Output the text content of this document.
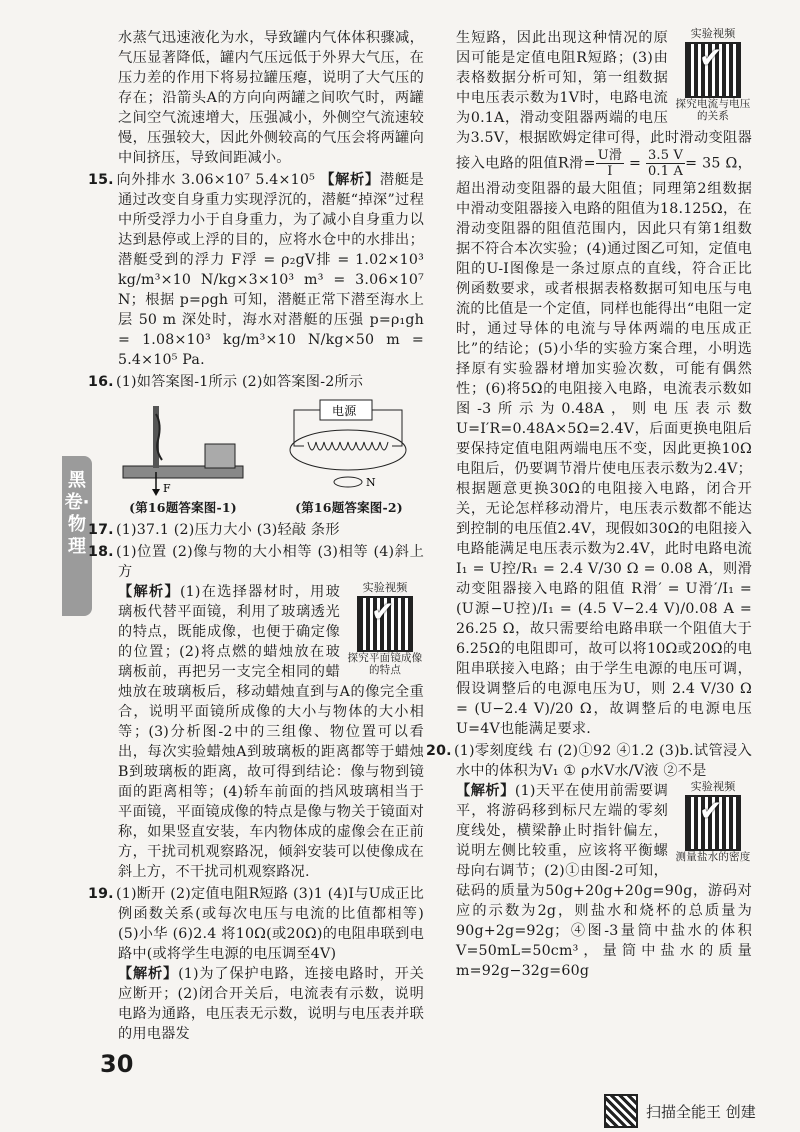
黑卷·物理

水蒸气迅速液化为水，导致罐内气体体积骤减，气压显著降低，罐内气压远低于外界大气压，在压力差的作用下将易拉罐压瘪，说明了大气压的存在；沿箭头A的方向向两罐之间吹气时，两罐之间空气流速增大，压强减小，外侧空气流速较慢，压强较大，因此外侧较高的气压会将两罐向中间挤压，导致间距减小。

15. 向外排水 3.06×10⁷ 5.4×10⁵ 【解析】潜艇是通过改变自身重力实现浮沉的，潜艇“掉深”过程中所受浮力小于自身重力，为了减小自身重力以达到悬停或上浮的目的，应将水仓中的水排出；潜艇受到的浮力 F浮 = ρ₂gV排 = 1.02×10³ kg/m³×10 N/kg×3×10³ m³ = 3.06×10⁷ N；根据 p=ρgh 可知，潜艇正常下潜至海水上层 50 m 深处时，海水对潜艇的压强 p=ρ₁gh = 1.08×10³ kg/m³×10 N/kg×50 m = 5.4×10⁵ Pa.

16. (1)如答案图-1所示 (2)如答案图-2所示

F
(第16题答案图-1)
电源
N
(第16题答案图-2)

17. (1)37.1 (2)压力大小 (3)轻敲 条形

18. (1)位置 (2)像与物的大小相等 (3)相等 (4)斜上方

实验视频
✔
探究平面镜成像的特点

【解析】(1)在选择器材时，用玻璃板代替平面镜，利用了玻璃透光的特点，既能成像，也便于确定像的位置；(2)将点燃的蜡烛放在玻璃板前，再把另一支完全相同的蜡烛放在玻璃板后，移动蜡烛直到与A的像完全重合，说明平面镜所成像的大小与物体的大小相等；(3)分析图-2中的三组像、物位置可以看出，每次实验蜡烛A到玻璃板的距离都等于蜡烛B到玻璃板的距离，故可得到结论：像与物到镜面的距离相等；(4)轿车前面的挡风玻璃相当于平面镜，平面镜成像的特点是像与物关于镜面对称，如果竖直安装，车内物体成的虚像会在正前方，干扰司机观察路况，倾斜安装可以使像成在斜上方，不干扰司机观察路况.

19. (1)断开 (2)定值电阻R短路 (3)1 (4)I与U成正比例函数关系(或每次电压与电流的比值都相等) (5)小华 (6)2.4 将10Ω(或20Ω)的电阻串联到电路中(或将学生电源的电压调至4V)

【解析】(1)为了保护电路，连接电路时，开关应断开；(2)闭合开关后，电流表有示数，说明电路为通路，电压表无示数，说明与电压表并联的用电器发

实验视频
✔
探究电流与电压的关系

生短路，因此出现这种情况的原因可能是定值电阻R短路；(3)由表格数据分析可知，第一组数据中电压表示数为1V时，电路电流为0.1A，滑动变阻器两端的电压为3.5V，根据欧姆定律可得，此时滑动变阻器接入电路的阻值R滑= $\frac{\text{U滑}}{I} = \frac{3.5 V}{0.1 A} = 35$ Ω，超出滑动变阻器的最大阻值；同理第2组数据中滑动变阻器接入电路的阻值为18.125Ω，在滑动变阻器的阻值范围内，因此只有第1组数据不符合本次实验；(4)通过图乙可知，定值电阻的U-I图像是一条过原点的直线，符合正比例函数要求，或者根据表格数据可知电压与电流的比值是一个定值，同样也能得出“电阻一定时，通过导体的电流与导体两端的电压成正比”的结论；(5)小华的实验方案合理，小明选择原有实验器材增加实验次数，可能有偶然性；(6)将5Ω的电阻接入电路，电流表示数如图-3所示为0.48A，则电压表示数U=I′R=0.48A×5Ω=2.4V，后面更换电阻后要保持定值电阻两端电压不变，因此更换10Ω电阻后，仍要调节滑片使电压表示数为2.4V；根据题意更换30Ω的电阻接入电路，闭合开关，无论怎样移动滑片，电压表示数都不能达到控制的电压值2.4V，现假如30Ω的电阻接入电路能满足电压表示数为2.4V，此时电路电流 I₁ = U控/R₁ = 2.4 V/30 Ω = 0.08 A，则滑动变阻器接入电路的阻值 R滑′ = U滑′/I₁ = (U源−U控)/I₁ = (4.5 V−2.4 V)/0.08 A = 26.25 Ω，故只需要给电路串联一个阻值大于6.25Ω的电阻即可，故可以将10Ω或20Ω的电阻串联接入电路；由于学生电源的电压可调，假设调整后的电源电压为U，则 2.4 V/30 Ω = (U−2.4 V)/20 Ω，故调整后的电源电压U=4V也能满足要求.

20. (1)零刻度线 右 (2)①92 ④1.2 (3)b.试管浸入水中的体积为V₁ ① ρ水V水/V液 ②不是

实验视频
✔
测量盐水的密度

【解析】(1)天平在使用前需要调平，将游码移到标尺左端的零刻度线处，横梁静止时指针偏左，说明左侧比较重，应该将平衡螺母向右调节；(2)①由图-2可知，砝码的质量为50g+20g+20g=90g，游码对应的示数为2g，则盐水和烧杯的总质量为90g+2g=92g；④图-3量筒中盐水的体积V=50mL=50cm³，量筒中盐水的质量m=92g−32g=60g

30
扫描全能王 创建
